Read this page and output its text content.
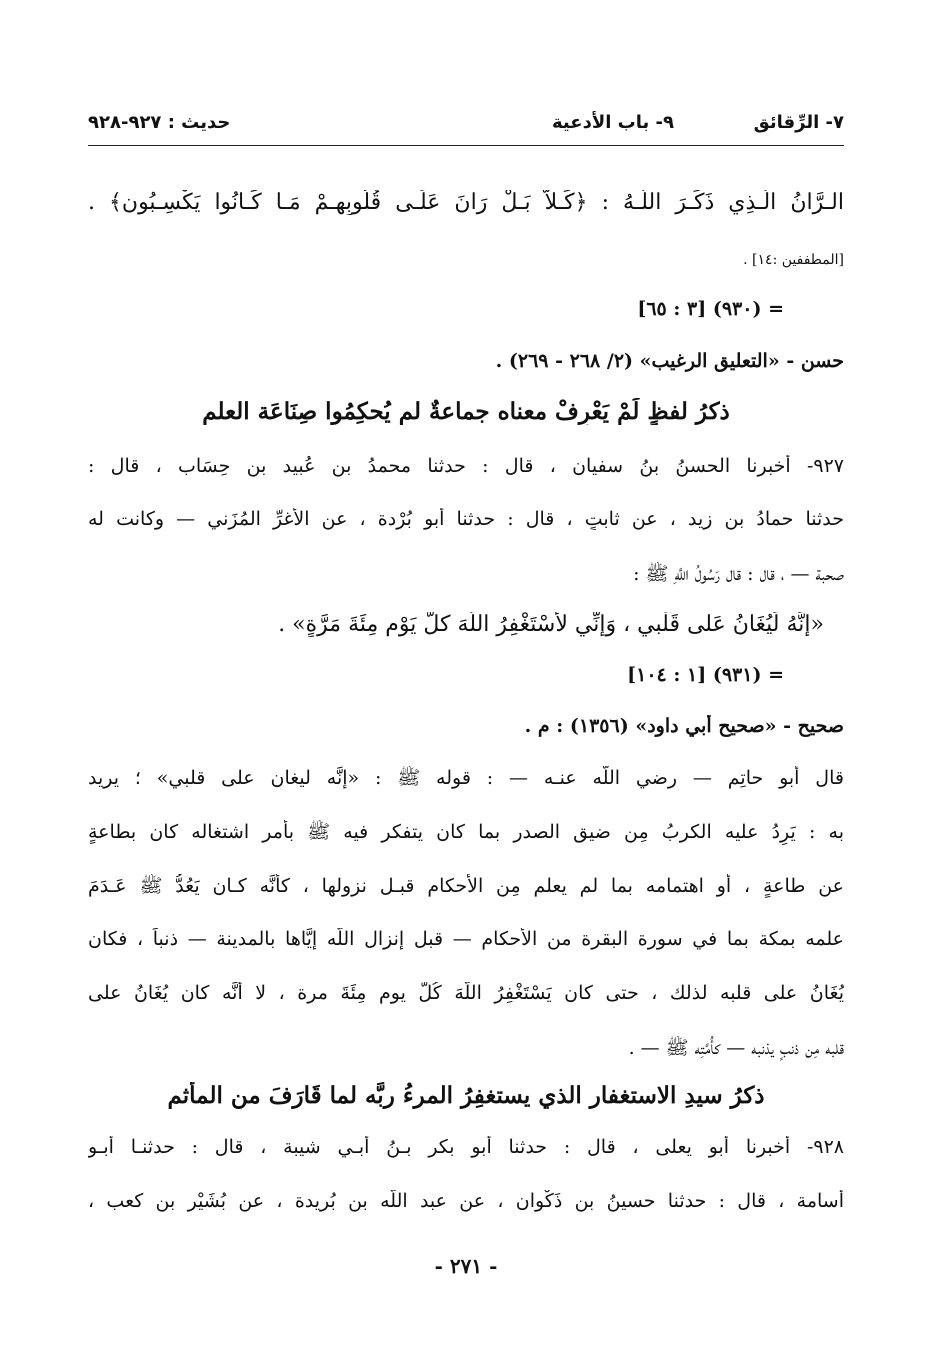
٧- الرِّقائق
٩- باب الأدعية
حديث : ٩٢٧-٩٢٨
الـرَّانُ الَّـذِي ذَكَـرَ اللَّـهُ : ﴿كَـلاَّ بَـلْ رَانَ عَلَـى قُلُوبِهِـمْ مَـا كَـانُوا يَكْسِـبُون﴾ .
[المطففين :١٤] .
= (٩٣٠) [٣ : ٦٥]
حسن - «التعليق الرغيب» (٢/ ٢٦٨ - ٢٦٩) .
ذكرُ لفظٍ لَمْ يَعْرِفْ معناه جماعةٌ لم يُحكِمُوا صِنَاعَة العلم
٩٢٧- أخبرنا الحسنُ بنُ سفيان ، قال : حدثنا محمدُ بن عُبيد بن حِسَاب ، قال :
حدثنا حمادُ بن زيد ، عن ثابتٍ ، قال : حدثنا أبو بُرْدة ، عن الأغرِّ المُزَني — وكانت له
صحبة — ، قال : قال رَسُولُ اللَّهِ ﷺ :
«إِنَّهُ لَيُغَانُ عَلى قَلْبي ، وَإِنِّي لأَسْتَغْفِرُ اللَّهَ كلَّ يَوْمٍ مِئَةَ مَرَّةٍ» .
= (٩٣١) [١ : ١٠٤]
صحيح - «صحيح أبي داود» (١٣٥٦) : م .
قال أبو حاتِم — رضي اللَّه عنـه — : قوله ﷺ : «إنَّه ليغان على قلبي» ؛ يريد
به : يَرِدُ عليه الكربُ مِن ضيق الصدر بما كان يتفكر فيه ﷺ بأمر اشتغاله كان بطاعةٍ
عن طاعةٍ ، أو اهتمامه بما لم يعلم مِن الأحكام قبـل نزولها ، كأنَّه كـان يَعُدُّ ﷺ عَـدَمَ
علمه بمكة بما في سورة البقرة من الأحكام — قبل إنزال اللَّه إيَّاها بالمدينة — ذنباً ، فكان
يُغَانُ على قلبه لذلك ، حتى كان يَسْتَغْفِرُ اللَّهَ كُلَّ يوم مِئَةَ مرة ، لا أَنَّه كان يُغَانُ على
قلبه مِن ذنبٍ يذنبه — كأُمَّتِه ﷺ — .
ذكرُ سيدِ الاستغفار الذي يستغفِرُ المرءُ ربَّه لما قَارَفَ من المأثم
٩٢٨- أخبرنا أبو يعلى ، قال : حدثنا أبو بكر بـنُ أبـي شيبة ، قال : حدثنـا أبـو
أسامة ، قال : حدثنا حسينُ بن ذَكْوان ، عن عبد اللَّه بن بُريدة ، عن بُشَيْر بن كعب ،
- ٢٧١ -
